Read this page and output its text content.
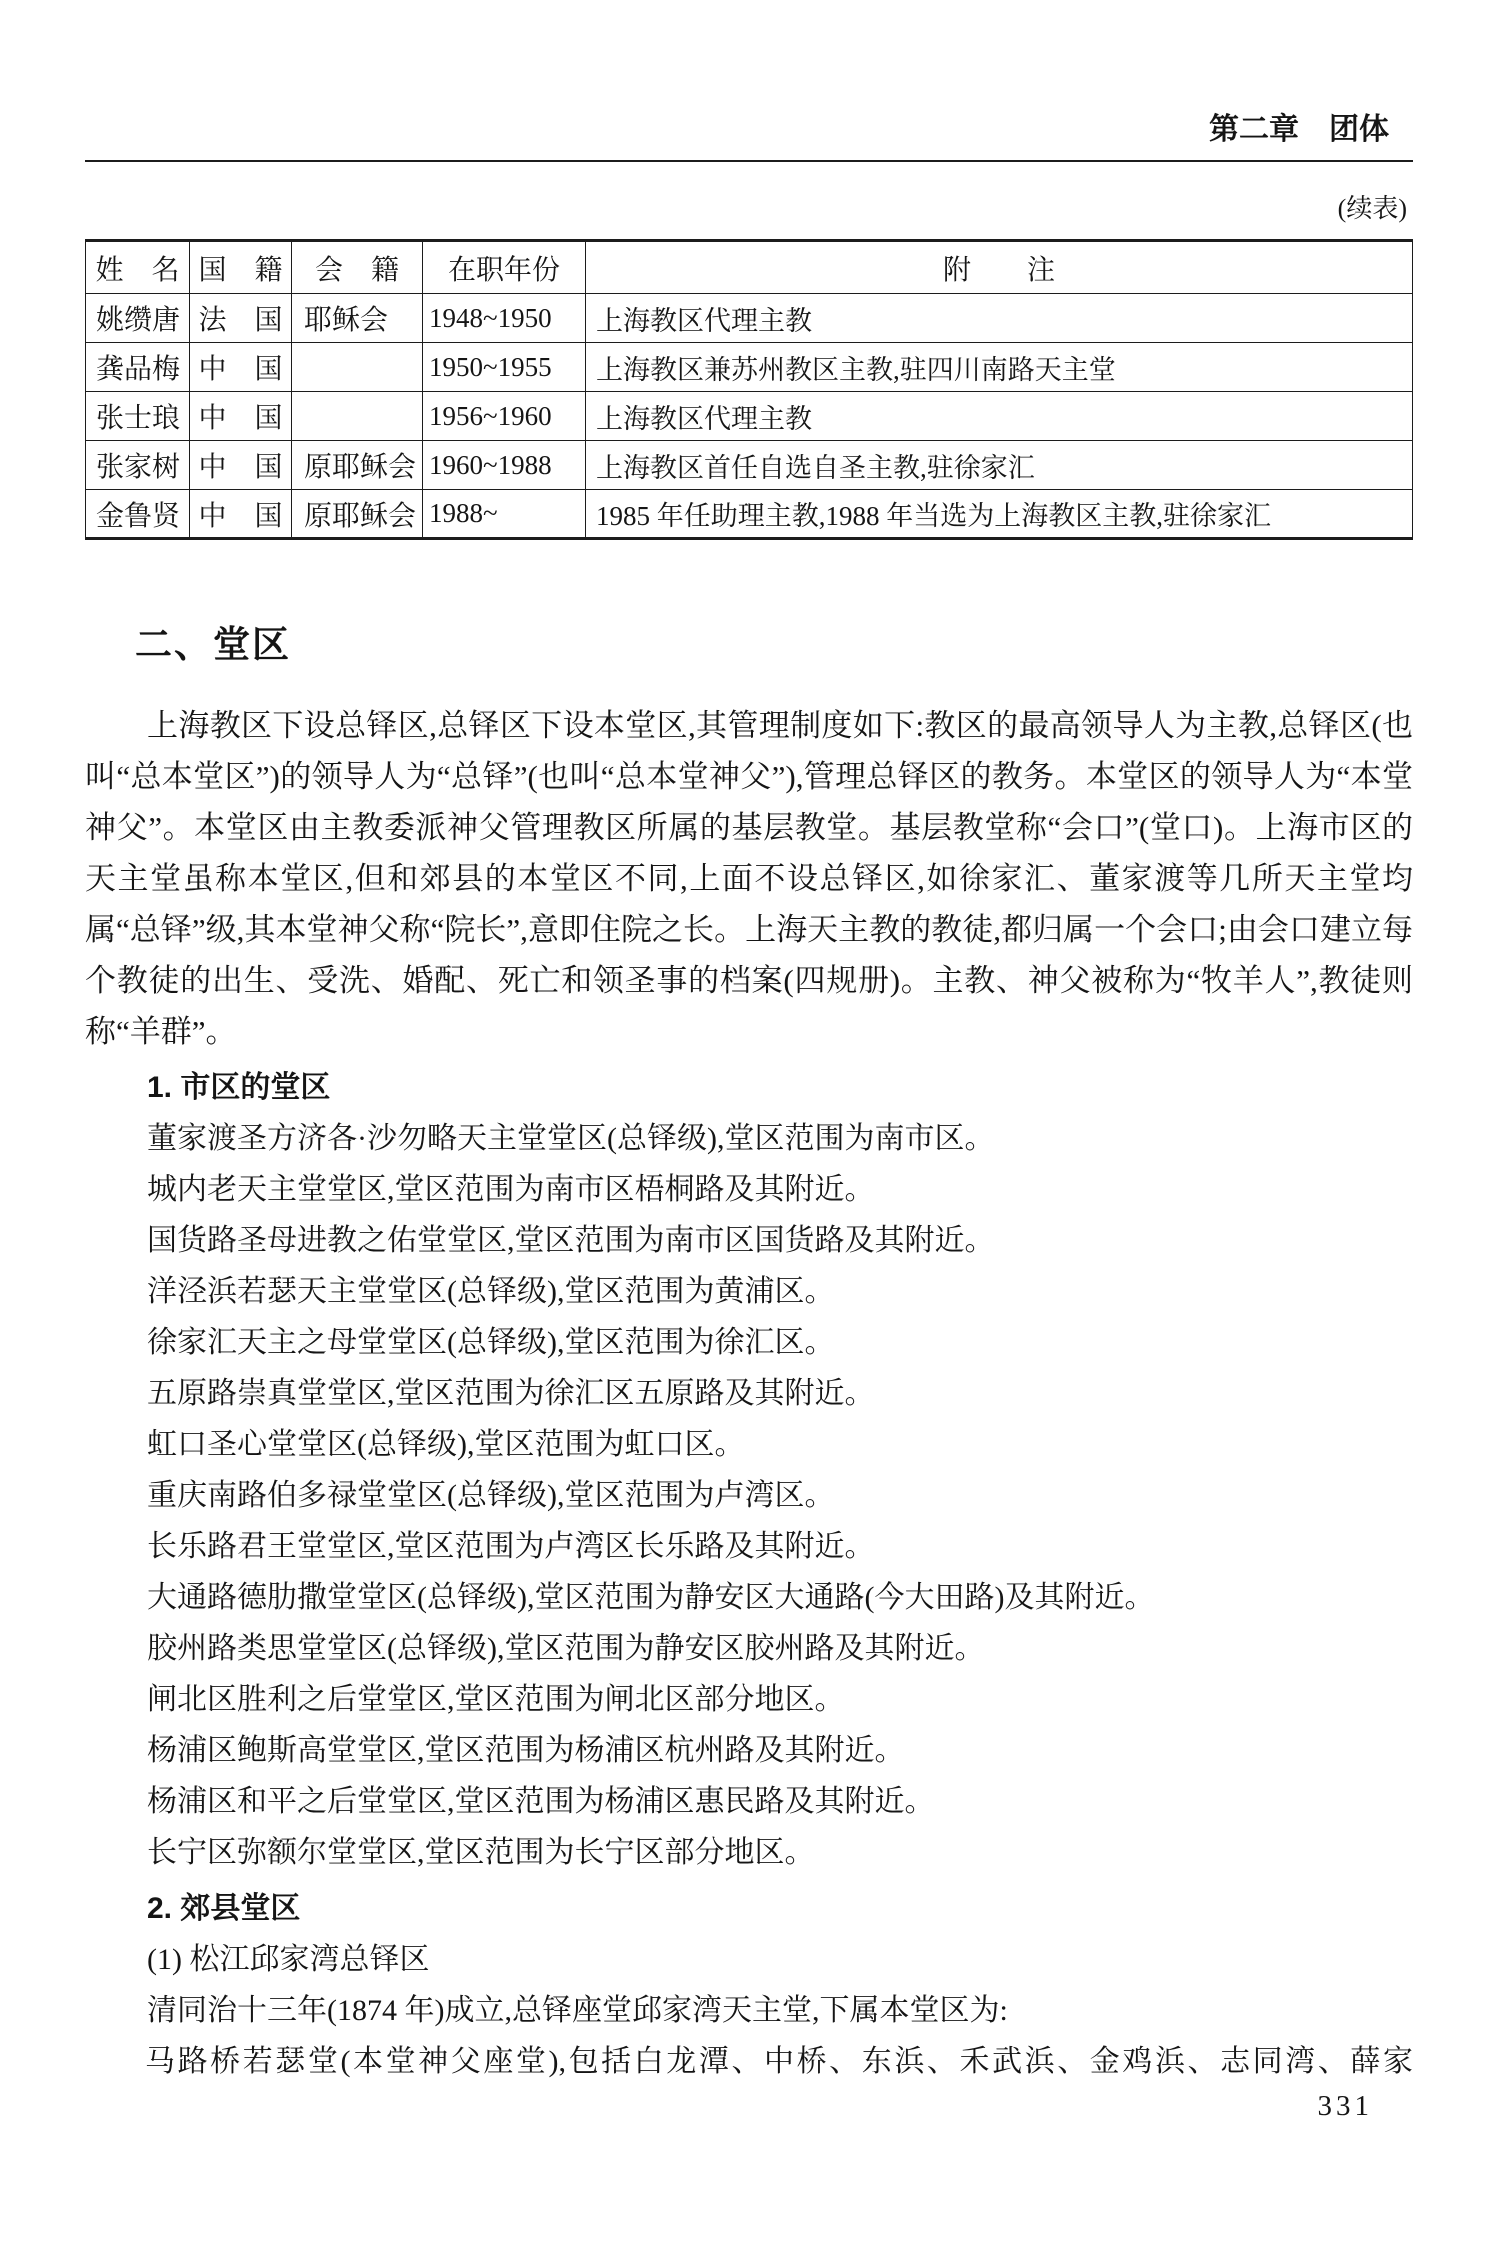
第二章　团体
(续表)
姓　名	国　籍	会　籍	在职年份	附　　注
姚缵唐	法　国	耶稣会	1948~1950	上海教区代理主教
龚品梅	中　国		1950~1955	上海教区兼苏州教区主教,驻四川南路天主堂
张士琅	中　国		1956~1960	上海教区代理主教
张家树	中　国	原耶稣会	1960~1988	上海教区首任自选自圣主教,驻徐家汇
金鲁贤	中　国	原耶稣会	1988~	1985 年任助理主教,1988 年当选为上海教区主教,驻徐家汇
二、堂区

上海教区下设总铎区,总铎区下设本堂区,其管理制度如下:教区的最高领导人为主教,总铎区(也叫“总本堂区”)的领导人为“总铎”(也叫“总本堂神父”),管理总铎区的教务。本堂区的领导人为“本堂神父”。本堂区由主教委派神父管理教区所属的基层教堂。基层教堂称“会口”(堂口)。上海市区的天主堂虽称本堂区,但和郊县的本堂区不同,上面不设总铎区,如徐家汇、董家渡等几所天主堂均属“总铎”级,其本堂神父称“院长”,意即住院之长。上海天主教的教徒,都归属一个会口;由会口建立每个教徒的出生、受洗、婚配、死亡和领圣事的档案(四规册)。主教、神父被称为“牧羊人”,教徒则称“羊群”。

1. 市区的堂区
董家渡圣方济各·沙勿略天主堂堂区(总铎级),堂区范围为南市区。
城内老天主堂堂区,堂区范围为南市区梧桐路及其附近。
国货路圣母进教之佑堂堂区,堂区范围为南市区国货路及其附近。
洋泾浜若瑟天主堂堂区(总铎级),堂区范围为黄浦区。
徐家汇天主之母堂堂区(总铎级),堂区范围为徐汇区。
五原路崇真堂堂区,堂区范围为徐汇区五原路及其附近。
虹口圣心堂堂区(总铎级),堂区范围为虹口区。
重庆南路伯多禄堂堂区(总铎级),堂区范围为卢湾区。
长乐路君王堂堂区,堂区范围为卢湾区长乐路及其附近。
大通路德肋撒堂堂区(总铎级),堂区范围为静安区大通路(今大田路)及其附近。
胶州路类思堂堂区(总铎级),堂区范围为静安区胶州路及其附近。
闸北区胜利之后堂堂区,堂区范围为闸北区部分地区。
杨浦区鲍斯高堂堂区,堂区范围为杨浦区杭州路及其附近。
杨浦区和平之后堂堂区,堂区范围为杨浦区惠民路及其附近。
长宁区弥额尔堂堂区,堂区范围为长宁区部分地区。
2. 郊县堂区
(1) 松江邱家湾总铎区
清同治十三年(1874 年)成立,总铎座堂邱家湾天主堂,下属本堂区为:
马路桥若瑟堂(本堂神父座堂),包括白龙潭、中桥、东浜、禾武浜、金鸡浜、志同湾、薛家
331
